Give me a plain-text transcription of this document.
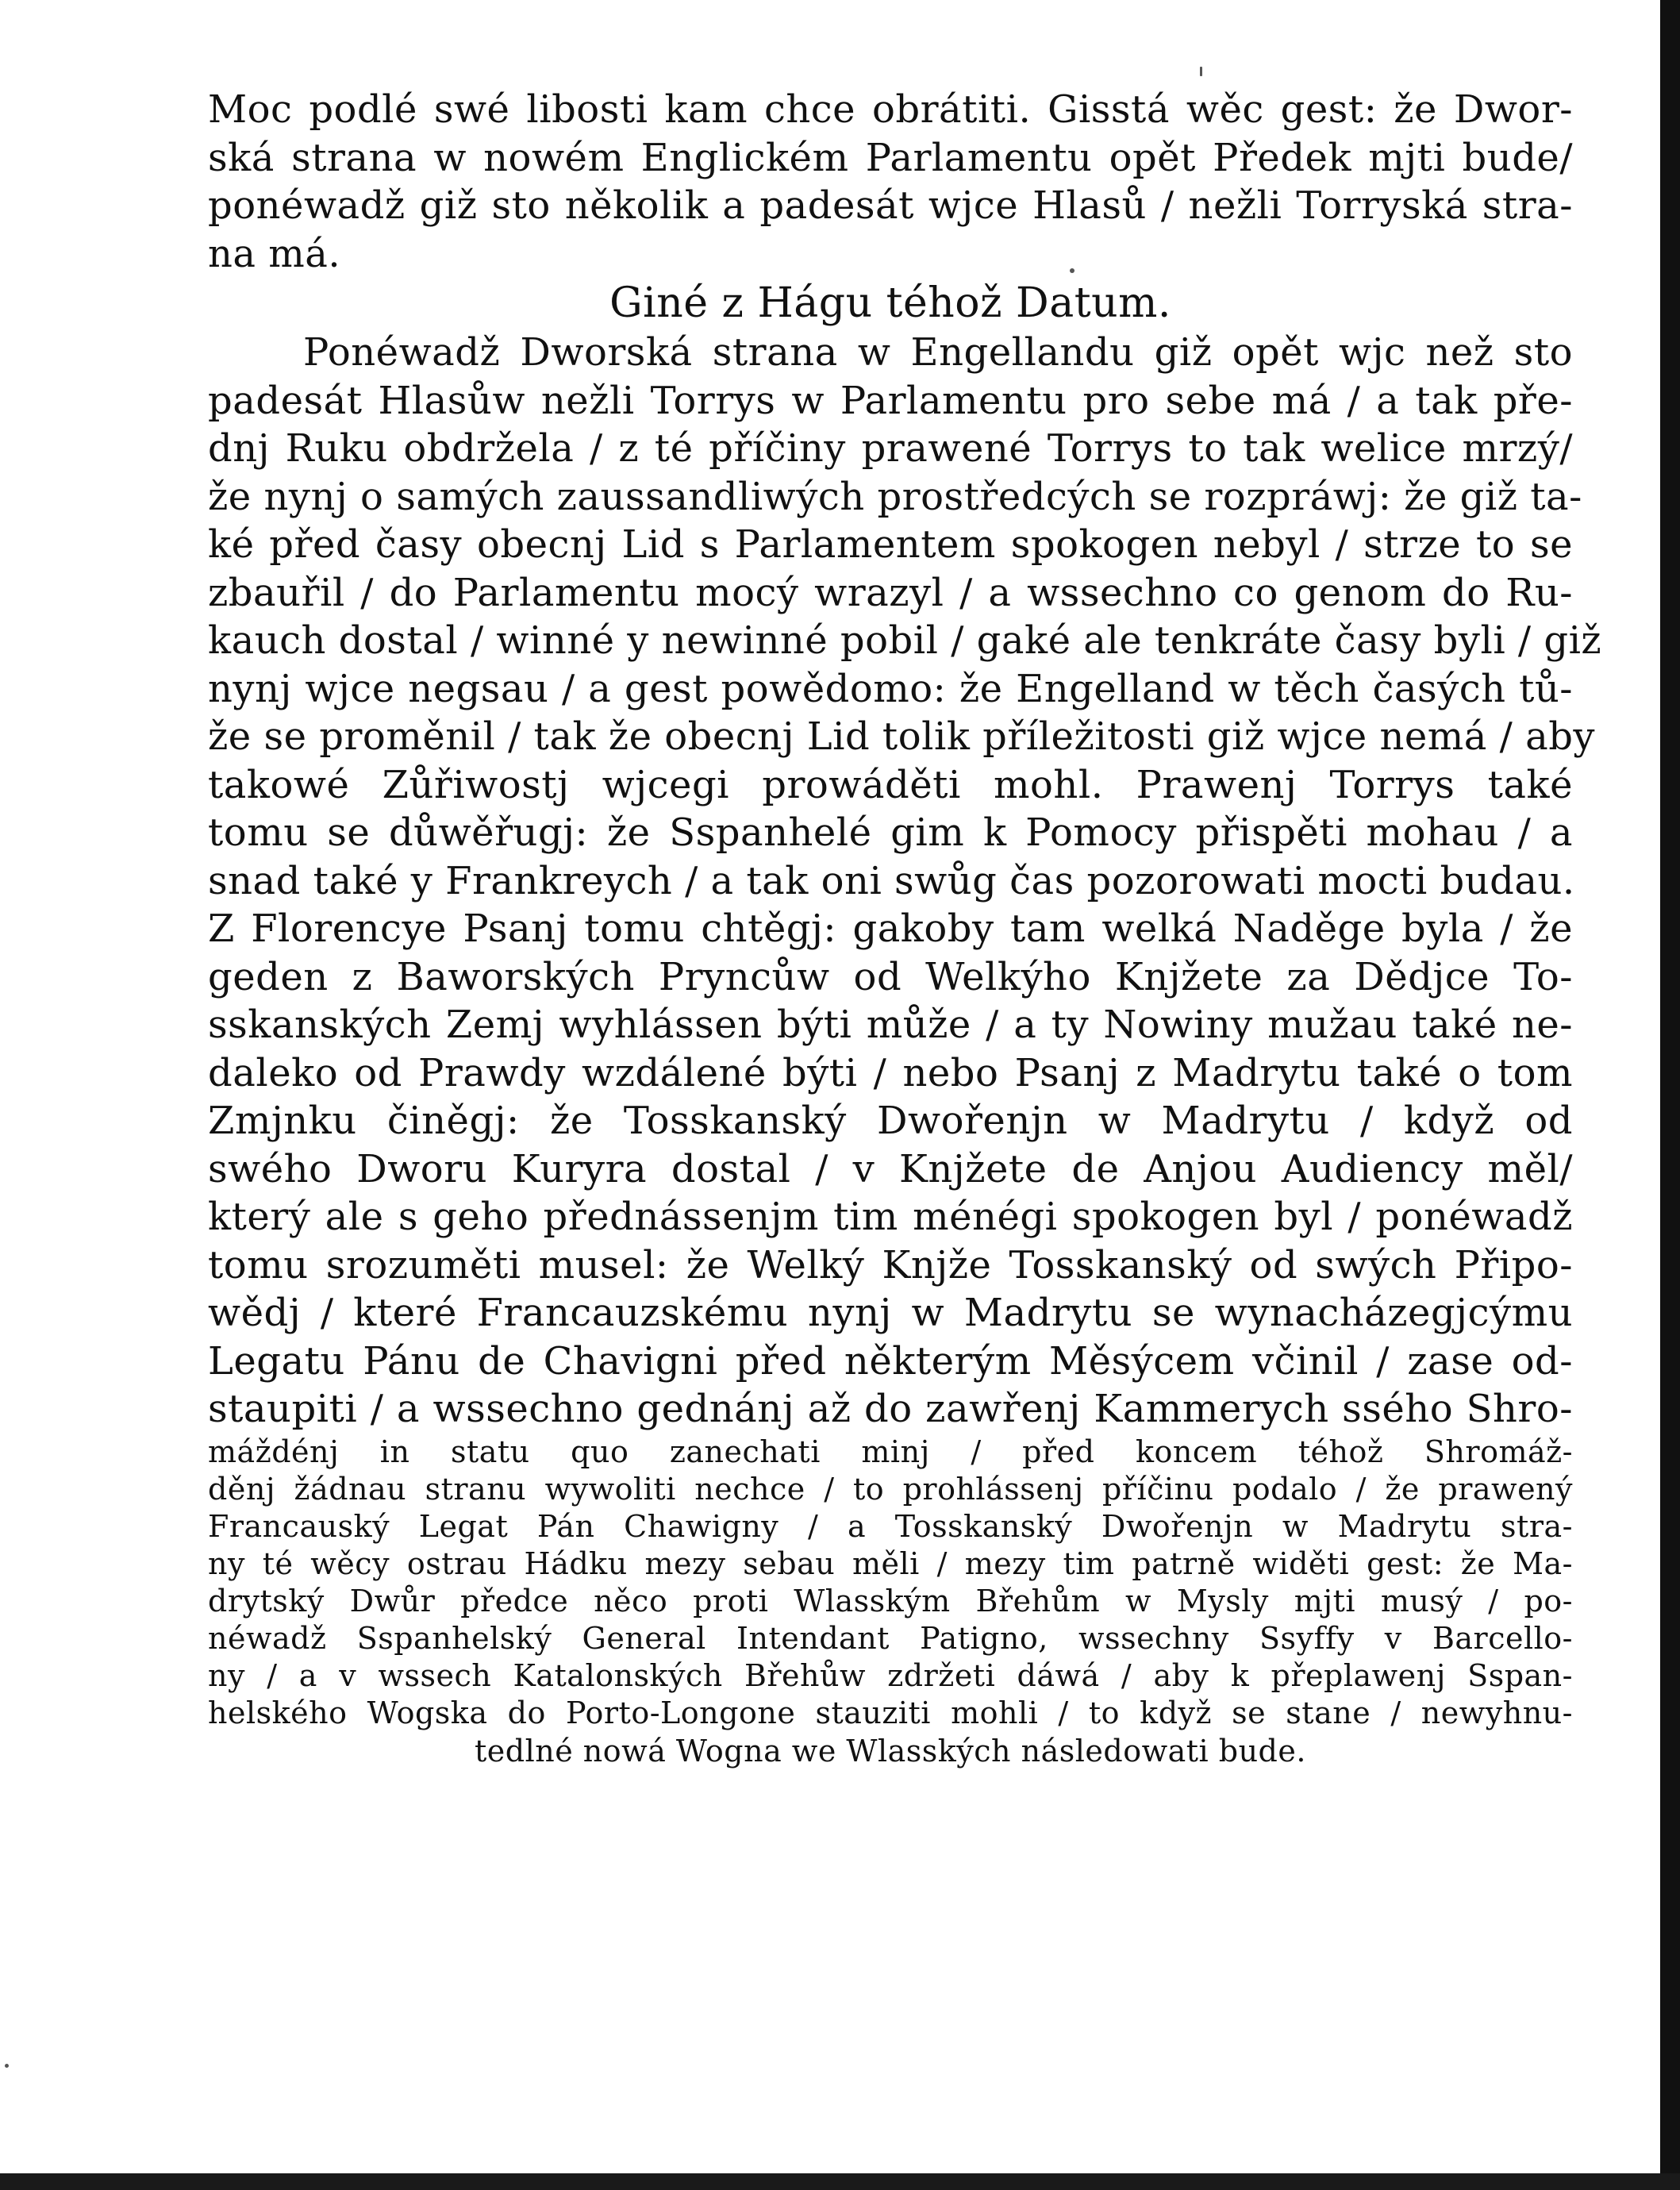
Moc podlé swé libosti kam chce obrátiti. Gisstá wěc gest: že Dwor-
ská strana w nowém Englickém Parlamentu opět Předek mjti bude/
ponéwadž giž sto několik a padesát wjce Hlasů / nežli Torryská stra-
na má.
Giné z Hágu téhož Datum.
Ponéwadž Dworská strana w Engellandu giž opět wjc než sto
padesát Hlasůw nežli Torrys w Parlamentu pro sebe má / a tak pře-
dnj Ruku obdržela / z té příčiny prawené Torrys to tak welice mrzý/
že nynj o samých zaussandliwých prostředcých se rozpráwj: že giž ta-
ké před časy obecnj Lid s Parlamentem spokogen nebyl / strze to se
zbauřil / do Parlamentu mocý wrazyl / a wssechno co genom do Ru-
kauch dostal / winné y newinné pobil / gaké ale tenkráte časy byli / giž
nynj wjce negsau / a gest powědomo: že Engelland w těch časých tů-
že se proměnil / tak že obecnj Lid tolik příležitosti giž wjce nemá / aby
takowé Zůřiwostj wjcegi prowáděti mohl. Prawenj Torrys také
tomu se důwěřugj: že Sspanhelé gim k Pomocy přispěti mohau / a
snad také y Frankreych / a tak oni swůg čas pozorowati mocti budau.
Z Florencye Psanj tomu chtěgj: gakoby tam welká Naděge byla / že
geden z Baworských Pryncůw od Welkýho Knjžete za Dědjce To-
sskanských Zemj wyhlássen býti může / a ty Nowiny mužau také ne-
daleko od Prawdy wzdálené býti / nebo Psanj z Madrytu také o tom
Zmjnku činěgj: že Tosskanský Dwořenjn w Madrytu / když od
swého Dworu Kuryra dostal / v Knjžete de Anjou Audiency měl/
který ale s geho přednássenjm tim ménégi spokogen byl / ponéwadž
tomu srozuměti musel: že Welký Knjže Tosskanský od swých Připo-
wědj / které Francauzskému nynj w Madrytu se wynacházegjcýmu
Legatu Pánu de Chavigni před některým Měsýcem včinil / zase od-
staupiti / a wssechno gednánj až do zawřenj Kammerych ssého Shro-
máždénj in statu quo zanechati minj / před koncem téhož Shromáž-
děnj žádnau stranu wywoliti nechce / to prohlássenj příčinu podalo / že prawený
Francauský Legat Pán Chawigny / a Tosskanský Dwořenjn w Madrytu stra-
ny té wěcy ostrau Hádku mezy sebau měli / mezy tim patrně widěti gest: že Ma-
drytský Dwůr předce něco proti Wlasským Břehům w Mysly mjti musý / po-
néwadž Sspanhelský General Intendant Patigno, wssechny Ssyffy v Barcello-
ny / a v wssech Katalonských Břehůw zdržeti dáwá / aby k přeplawenj Sspan-
helského Wogska do Porto-Longone stauziti mohli / to když se stane / newyhnu-
tedlné nowá Wogna we Wlasských následowati bude.
